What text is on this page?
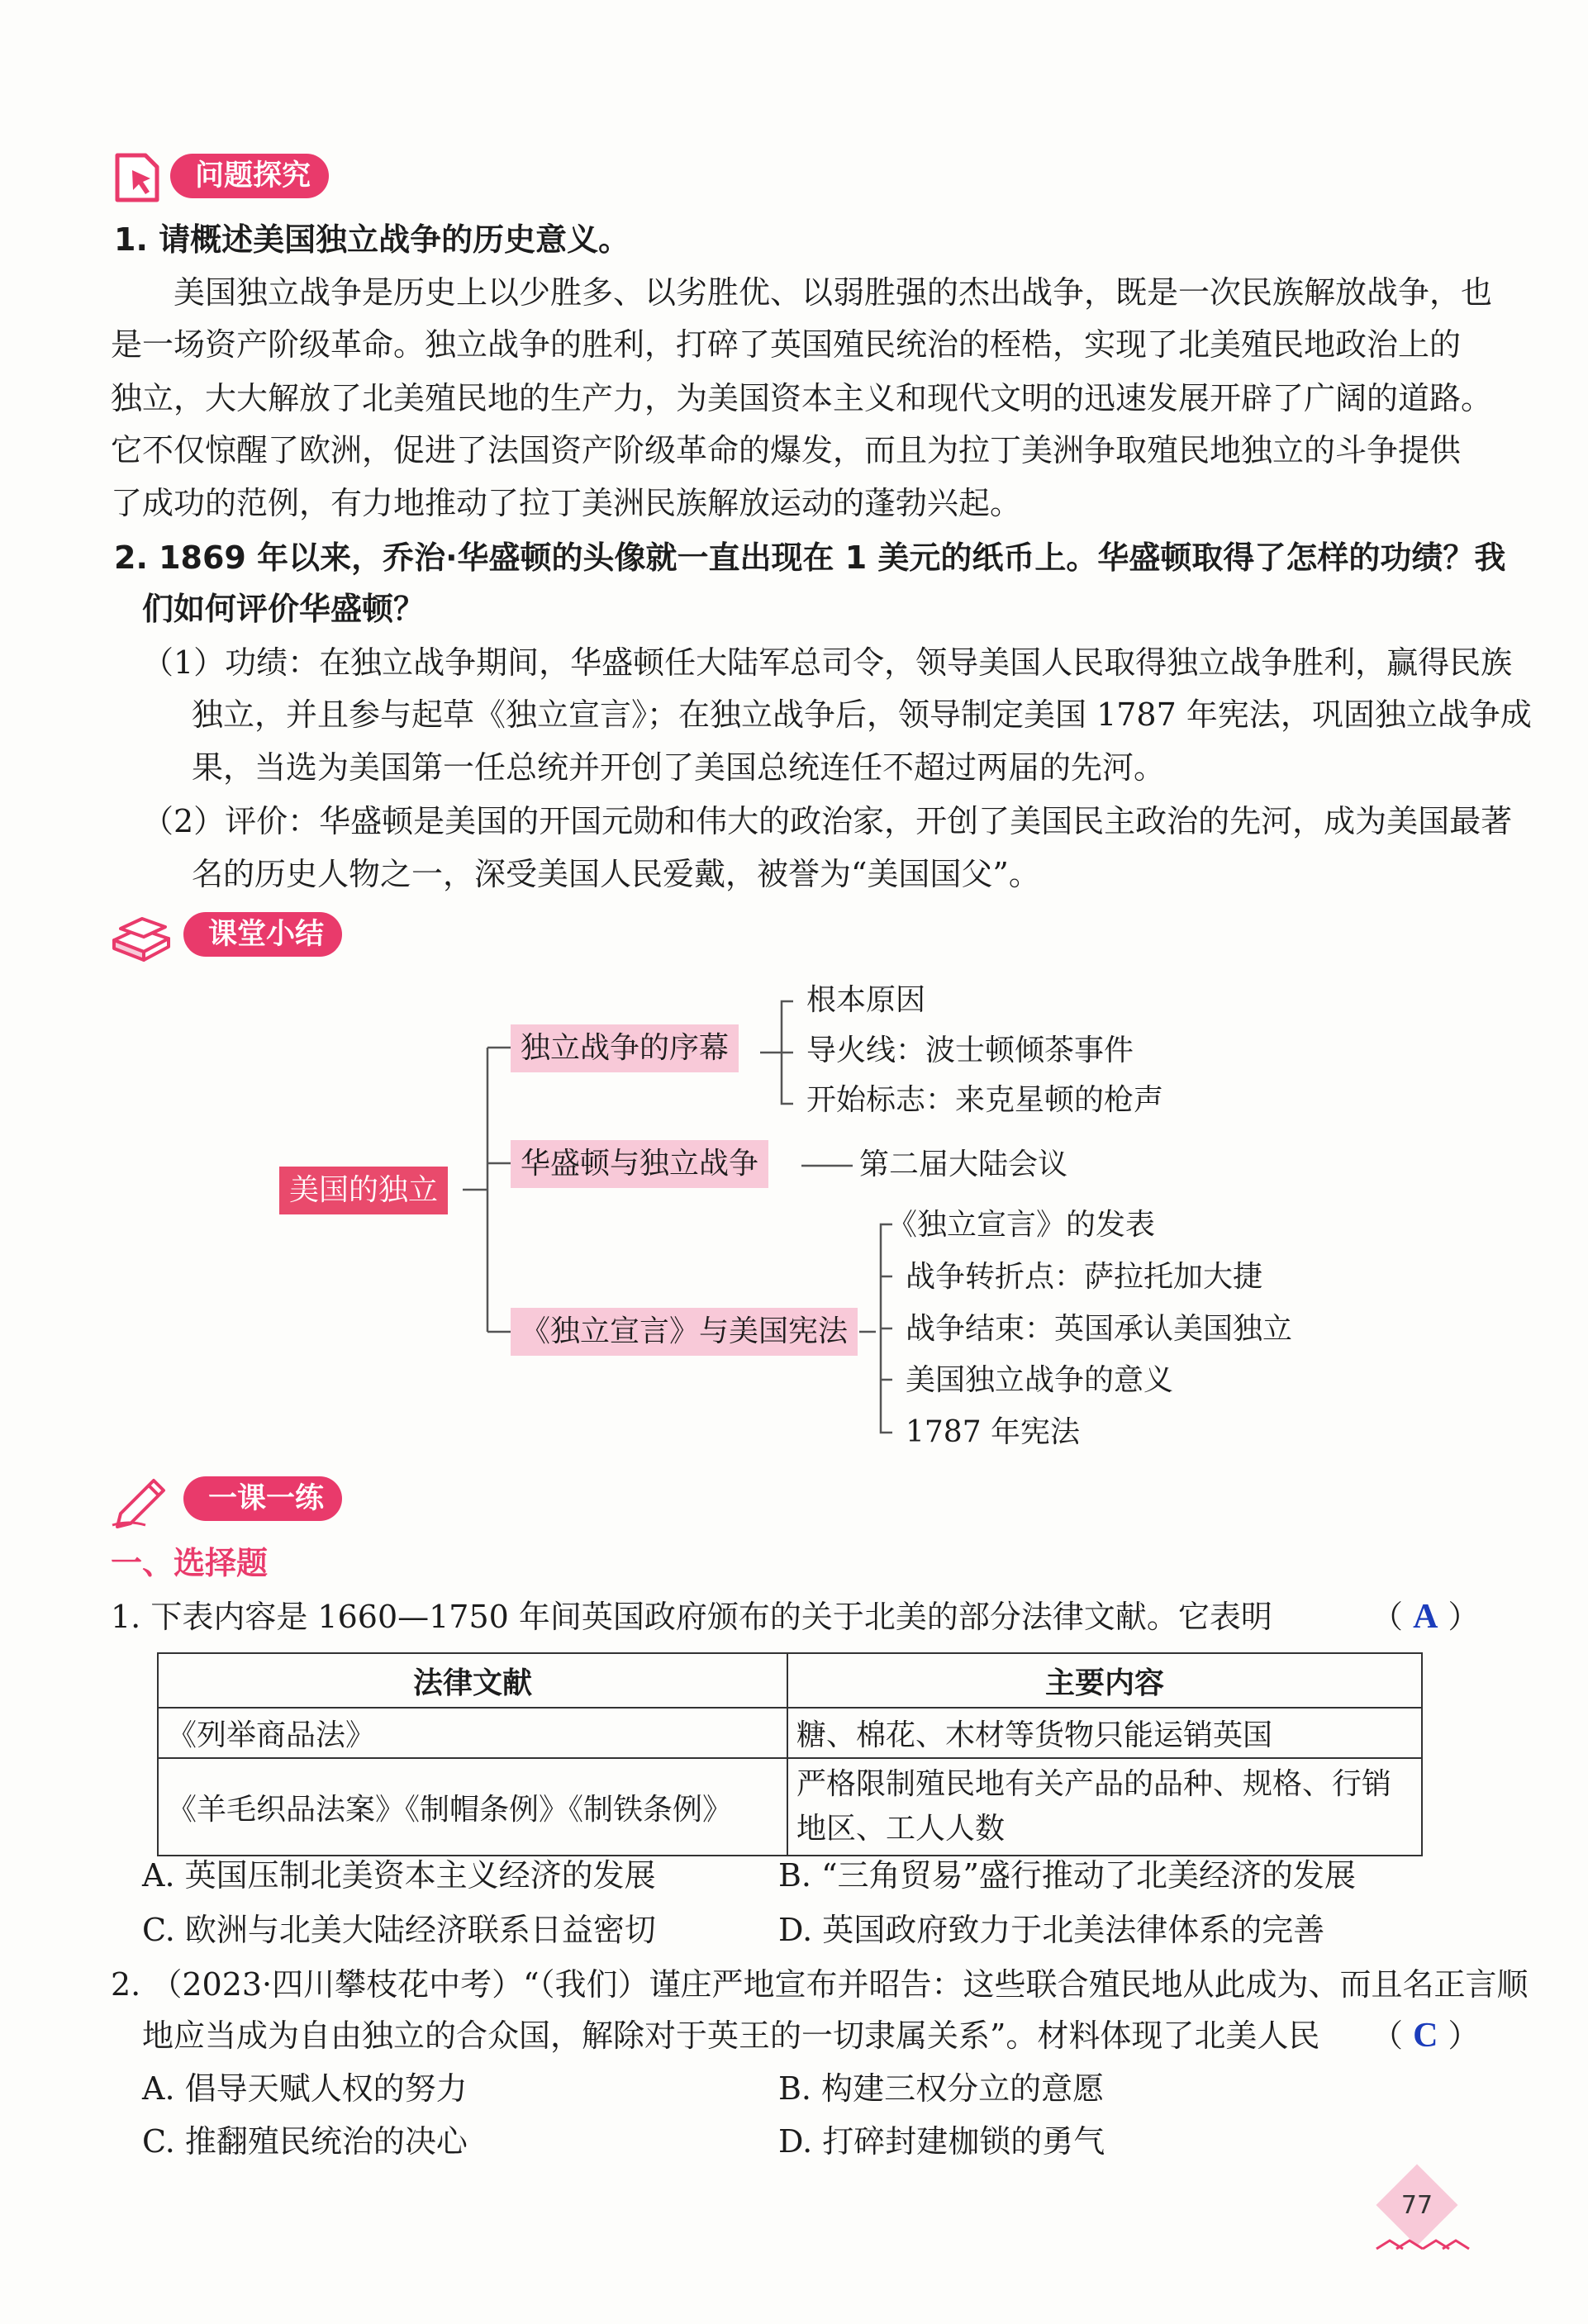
问题探究
1. 请概述美国独立战争的历史意义。
美国独立战争是历史上以少胜多、以劣胜优、以弱胜强的杰出战争，既是一次民族解放战争，也
是一场资产阶级革命。独立战争的胜利，打碎了英国殖民统治的桎梏，实现了北美殖民地政治上的
独立，大大解放了北美殖民地的生产力，为美国资本主义和现代文明的迅速发展开辟了广阔的道路。
它不仅惊醒了欧洲，促进了法国资产阶级革命的爆发，而且为拉丁美洲争取殖民地独立的斗争提供
了成功的范例，有力地推动了拉丁美洲民族解放运动的蓬勃兴起。
2. 1869 年以来，乔治·华盛顿的头像就一直出现在 1 美元的纸币上。华盛顿取得了怎样的功绩？我
们如何评价华盛顿？
（1）功绩：在独立战争期间，华盛顿任大陆军总司令，领导美国人民取得独立战争胜利，赢得民族
独立，并且参与起草《独立宣言》；在独立战争后，领导制定美国 1787 年宪法，巩固独立战争成
果，当选为美国第一任总统并开创了美国总统连任不超过两届的先河。
（2）评价：华盛顿是美国的开国元勋和伟大的政治家，开创了美国民主政治的先河，成为美国最著
名的历史人物之一，深受美国人民爱戴，被誉为“美国国父”。
课堂小结
美国的独立
独立战争的序幕
根本原因
导火线：波士顿倾茶事件
开始标志：来克星顿的枪声
华盛顿与独立战争	第二届大陆会议
《独立宣言》与美国宪法
《独立宣言》的发表
战争转折点：萨拉托加大捷
战争结束：英国承认美国独立
美国独立战争的意义
1787 年宪法
一课一练
一、选择题
1. 下表内容是 1660—1750 年间英国政府颁布的关于北美的部分法律文献。它表明	（ A ）
法律文献	主要内容
《列举商品法》	糖、棉花、木材等货物只能运销英国
《羊毛织品法案》《制帽条例》《制铁条例》	严格限制殖民地有关产品的品种、规格、行销
地区、工人人数
A. 英国压制北美资本主义经济的发展	B. “三角贸易”盛行推动了北美经济的发展
C. 欧洲与北美大陆经济联系日益密切	D. 英国政府致力于北美法律体系的完善
2. （2023·四川攀枝花中考）“（我们）谨庄严地宣布并昭告：这些联合殖民地从此成为、而且名正言顺
地应当成为自由独立的合众国，解除对于英王的一切隶属关系”。材料体现了北美人民 （ C ）
A. 倡导天赋人权的努力	B. 构建三权分立的意愿
C. 推翻殖民统治的决心	D. 打碎封建枷锁的勇气
77
